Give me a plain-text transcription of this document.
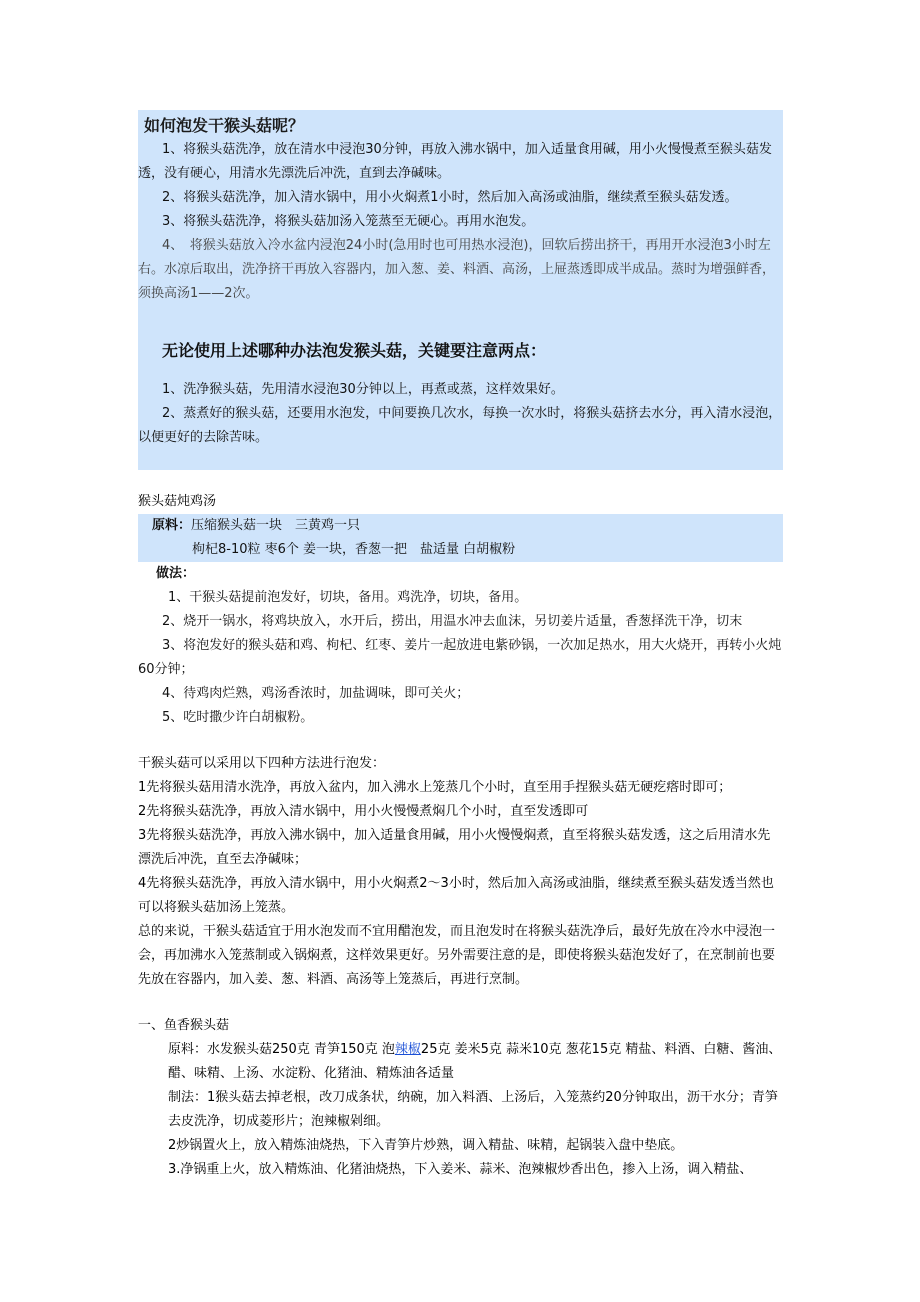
如何泡发干猴头菇呢？

1、将猴头菇洗净，放在清水中浸泡30分钟，再放入沸水锅中，加入适量食用碱，用小火慢慢煮至猴头菇发透，没有硬心，用清水先漂洗后冲洗，直到去净碱味。

2、将猴头菇洗净，加入清水锅中，用小火焖煮1小时，然后加入高汤或油脂，继续煮至猴头菇发透。

3、将猴头菇洗净，将猴头菇加汤入笼蒸至无硬心。再用水泡发。

4、　将猴头菇放入冷水盆内浸泡24小时(急用时也可用热水浸泡)，回软后捞出挤干，再用开水浸泡3小时左右。水凉后取出，洗净挤干再放入容器内，加入葱、姜、料酒、高汤，上屉蒸透即成半成品。蒸时为增强鲜香，须换高汤1——2次。

无论使用上述哪种办法泡发猴头菇，关键要注意两点：

1、洗净猴头菇，先用清水浸泡30分钟以上，再煮或蒸，这样效果好。

2、蒸煮好的猴头菇，还要用水泡发，中间要换几次水，每换一次水时，将猴头菇挤去水分，再入清水浸泡，以便更好的去除苦味。

猴头菇炖鸡汤
原料：压缩猴头菇一块　三黄鸡一只
枸杞8-10粒 枣6个 姜一块，香葱一把　盐适量 白胡椒粉
做法：

1、干猴头菇提前泡发好，切块，备用。鸡洗净，切块，备用。

2、烧开一锅水，将鸡块放入，水开后，捞出，用温水冲去血沫，另切姜片适量，香葱择洗干净，切末

3、将泡发好的猴头菇和鸡、枸杞、红枣、姜片一起放进电紫砂锅，一次加足热水，用大火烧开，再转小火炖60分钟；

4、待鸡肉烂熟，鸡汤香浓时，加盐调味，即可关火；

5、吃时撒少许白胡椒粉。

干猴头菇可以采用以下四种方法进行泡发：

1先将猴头菇用清水洗净，再放入盆内，加入沸水上笼蒸几个小时，直至用手捏猴头菇无硬疙瘩时即可；

2先将猴头菇洗净，再放入清水锅中，用小火慢慢煮焖几个小时，直至发透即可

3先将猴头菇洗净，再放入沸水锅中，加入适量食用碱，用小火慢慢焖煮，直至将猴头菇发透，这之后用清水先漂洗后冲洗，直至去净碱味；

4先将猴头菇洗净，再放入清水锅中，用小火焖煮2～3小时，然后加入高汤或油脂，继续煮至猴头菇发透当然也可以将猴头菇加汤上笼蒸。

总的来说，干猴头菇适宜于用水泡发而不宜用醋泡发，而且泡发时在将猴头菇洗净后，最好先放在冷水中浸泡一会，再加沸水入笼蒸制或入锅焖煮，这样效果更好。另外需要注意的是，即使将猴头菇泡发好了，在烹制前也要先放在容器内，加入姜、葱、料酒、高汤等上笼蒸后，再进行烹制。

一、鱼香猴头菇

原料：水发猴头菇250克 青笋150克 泡辣椒25克 姜米5克 蒜米10克 葱花15克 精盐、料酒、白糖、酱油、醋、味精、上汤、水淀粉、化猪油、精炼油各适量

制法：1猴头菇去掉老根，改刀成条状，纳碗，加入料酒、上汤后，入笼蒸约20分钟取出，沥干水分；青笋去皮洗净，切成菱形片；泡辣椒剁细。

2炒锅置火上，放入精炼油烧热，下入青笋片炒熟，调入精盐、味精，起锅装入盘中垫底。

3.净锅重上火，放入精炼油、化猪油烧热，下入姜米、蒜米、泡辣椒炒香出色，掺入上汤，调入精盐、
